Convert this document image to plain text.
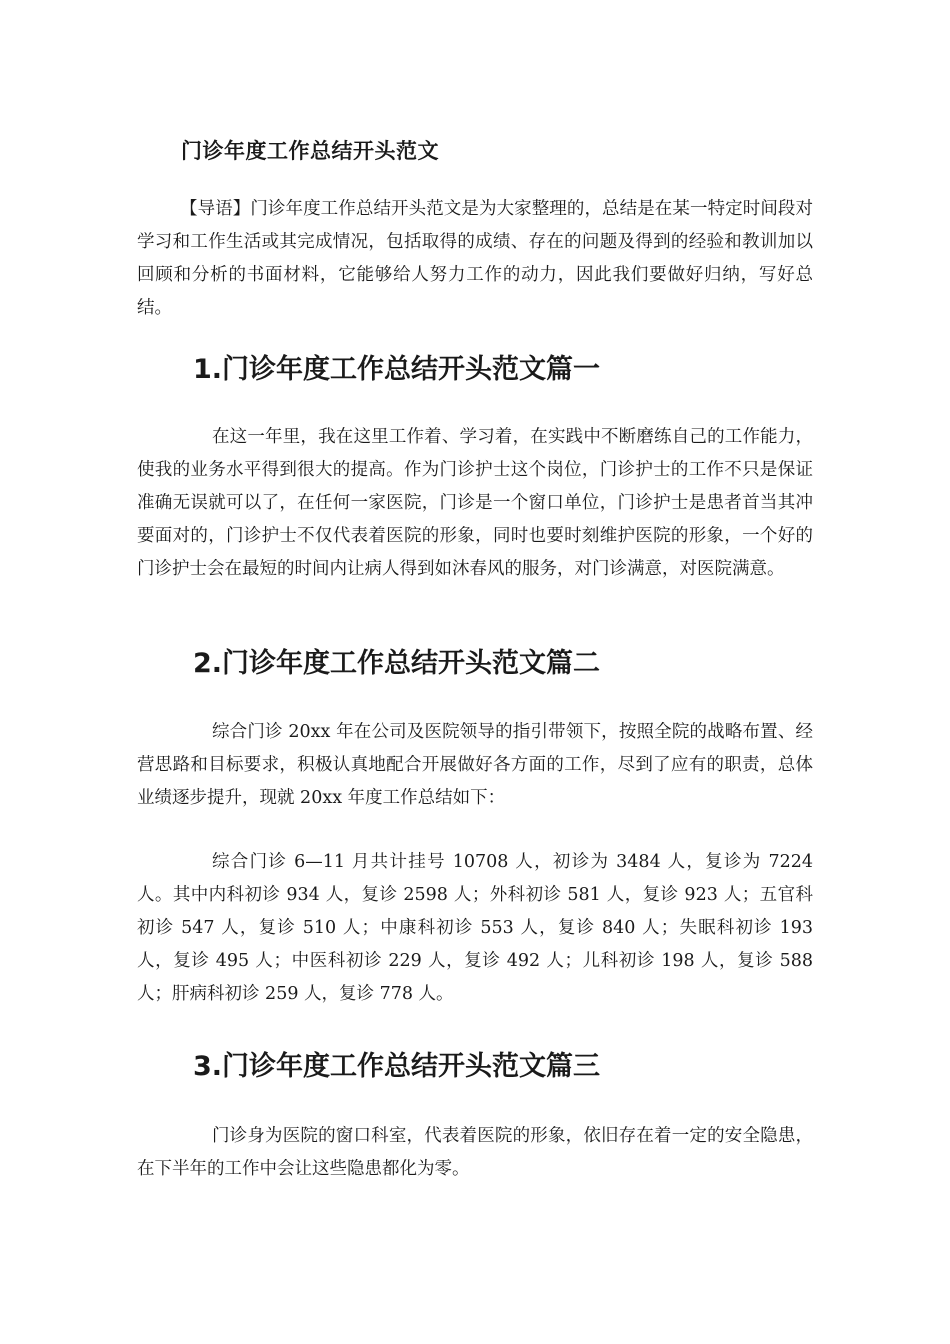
门诊年度工作总结开头范文

【导语】门诊年度工作总结开头范文是为大家整理的，总结是在某一特定时间段对学习和工作生活或其完成情况，包括取得的成绩、存在的问题及得到的经验和教训加以回顾和分析的书面材料，它能够给人努力工作的动力，因此我们要做好归纳，写好总结。

1.门诊年度工作总结开头范文篇一

在这一年里，我在这里工作着、学习着，在实践中不断磨练自己的工作能力，使我的业务水平得到很大的提高。作为门诊护士这个岗位，门诊护士的工作不只是保证准确无误就可以了，在任何一家医院，门诊是一个窗口单位，门诊护士是患者首当其冲要面对的，门诊护士不仅代表着医院的形象，同时也要时刻维护医院的形象，一个好的门诊护士会在最短的时间内让病人得到如沐春风的服务，对门诊满意，对医院满意。

2.门诊年度工作总结开头范文篇二

综合门诊 20xx 年在公司及医院领导的指引带领下，按照全院的战略布置、经营思路和目标要求，积极认真地配合开展做好各方面的工作，尽到了应有的职责，总体业绩逐步提升，现就 20xx 年度工作总结如下：

综合门诊 6—11 月共计挂号 10708 人，初诊为 3484 人，复诊为 7224 人。其中内科初诊 934 人，复诊 2598 人；外科初诊 581 人，复诊 923 人；五官科初诊 547 人，复诊 510 人；中康科初诊 553 人，复诊 840 人；失眠科初诊 193 人，复诊 495 人；中医科初诊 229 人，复诊 492 人；儿科初诊 198 人，复诊 588 人；肝病科初诊 259 人，复诊 778 人。

3.门诊年度工作总结开头范文篇三

门诊身为医院的窗口科室，代表着医院的形象，依旧存在着一定的安全隐患，在下半年的工作中会让这些隐患都化为零。
